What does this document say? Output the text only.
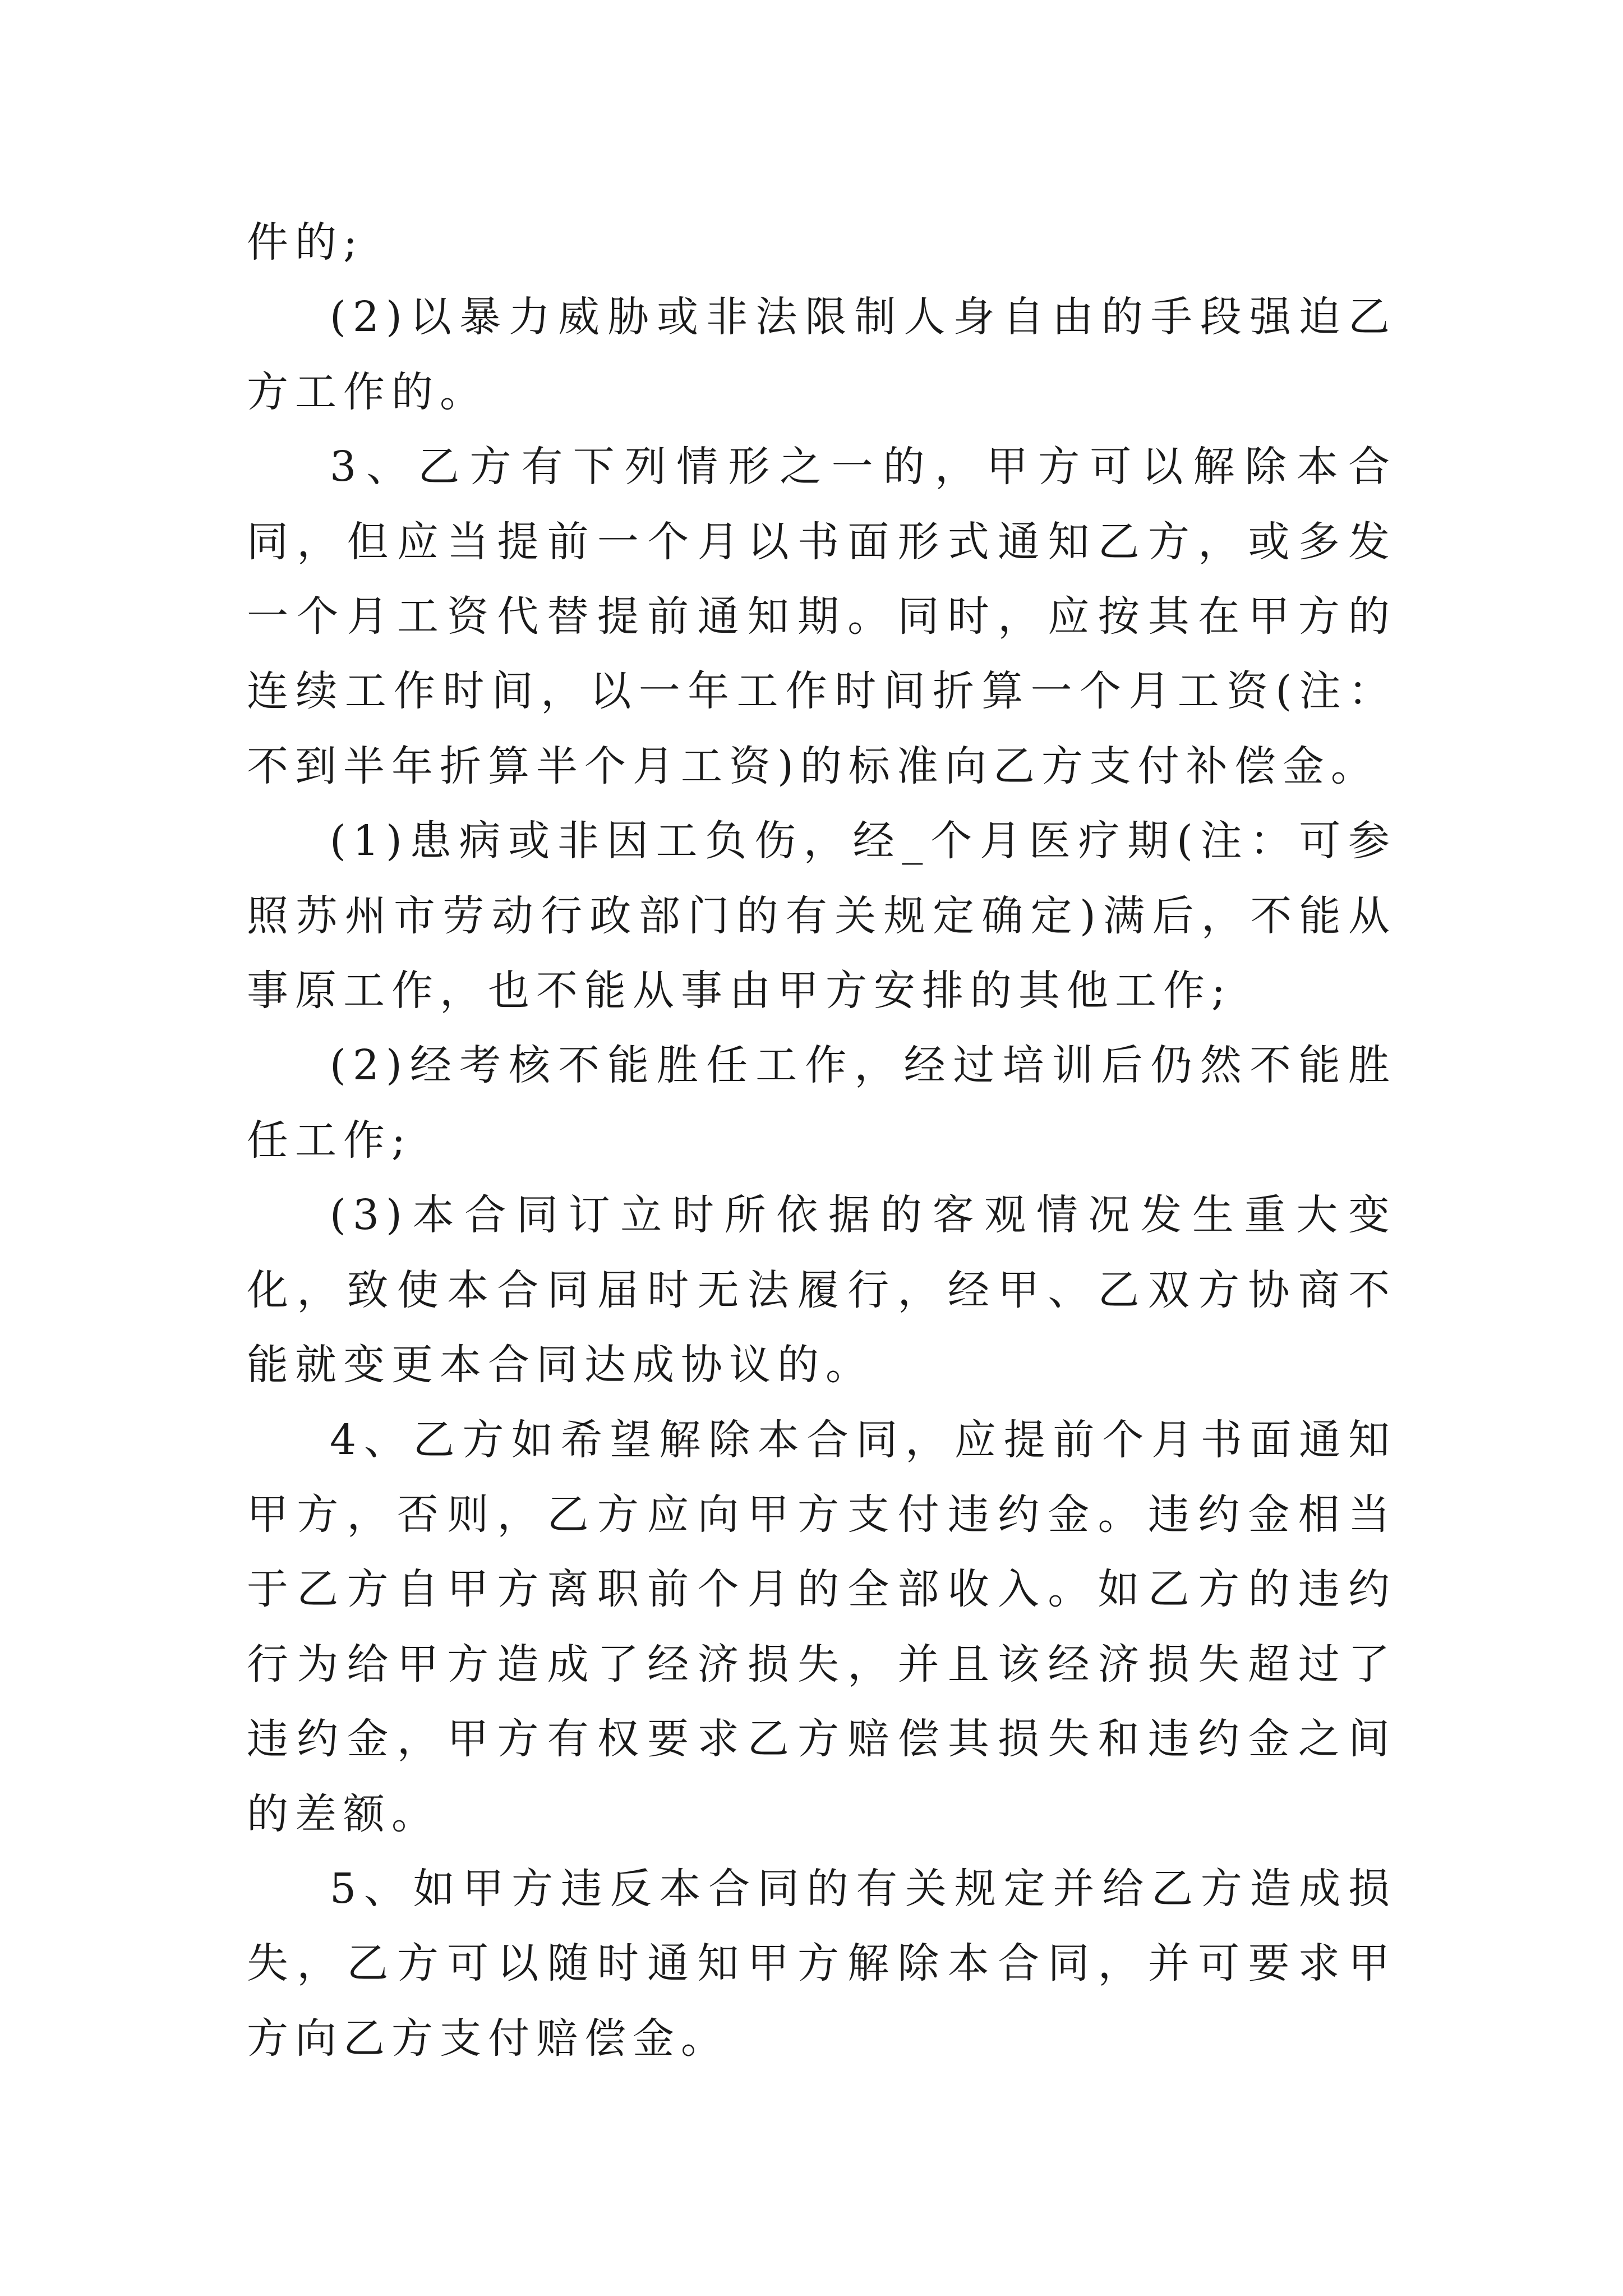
件的;

(2)以暴力威胁或非法限制人身自由的手段强迫乙方工作的。

3、乙方有下列情形之一的，甲方可以解除本合同，但应当提前一个月以书面形式通知乙方，或多发一个月工资代替提前通知期。同时，应按其在甲方的连续工作时间，以一年工作时间折算一个月工资(注：不到半年折算半个月工资)的标准向乙方支付补偿金。

(1)患病或非因工负伤，经_个月医疗期(注：可参照苏州市劳动行政部门的有关规定确定)满后，不能从事原工作，也不能从事由甲方安排的其他工作;

(2)经考核不能胜任工作，经过培训后仍然不能胜任工作;

(3)本合同订立时所依据的客观情况发生重大变化，致使本合同届时无法履行，经甲、乙双方协商不能就变更本合同达成协议的。

4、乙方如希望解除本合同，应提前个月书面通知甲方，否则，乙方应向甲方支付违约金。违约金相当于乙方自甲方离职前个月的全部收入。如乙方的违约行为给甲方造成了经济损失，并且该经济损失超过了违约金，甲方有权要求乙方赔偿其损失和违约金之间的差额。

5、如甲方违反本合同的有关规定并给乙方造成损失，乙方可以随时通知甲方解除本合同，并可要求甲方向乙方支付赔偿金。
